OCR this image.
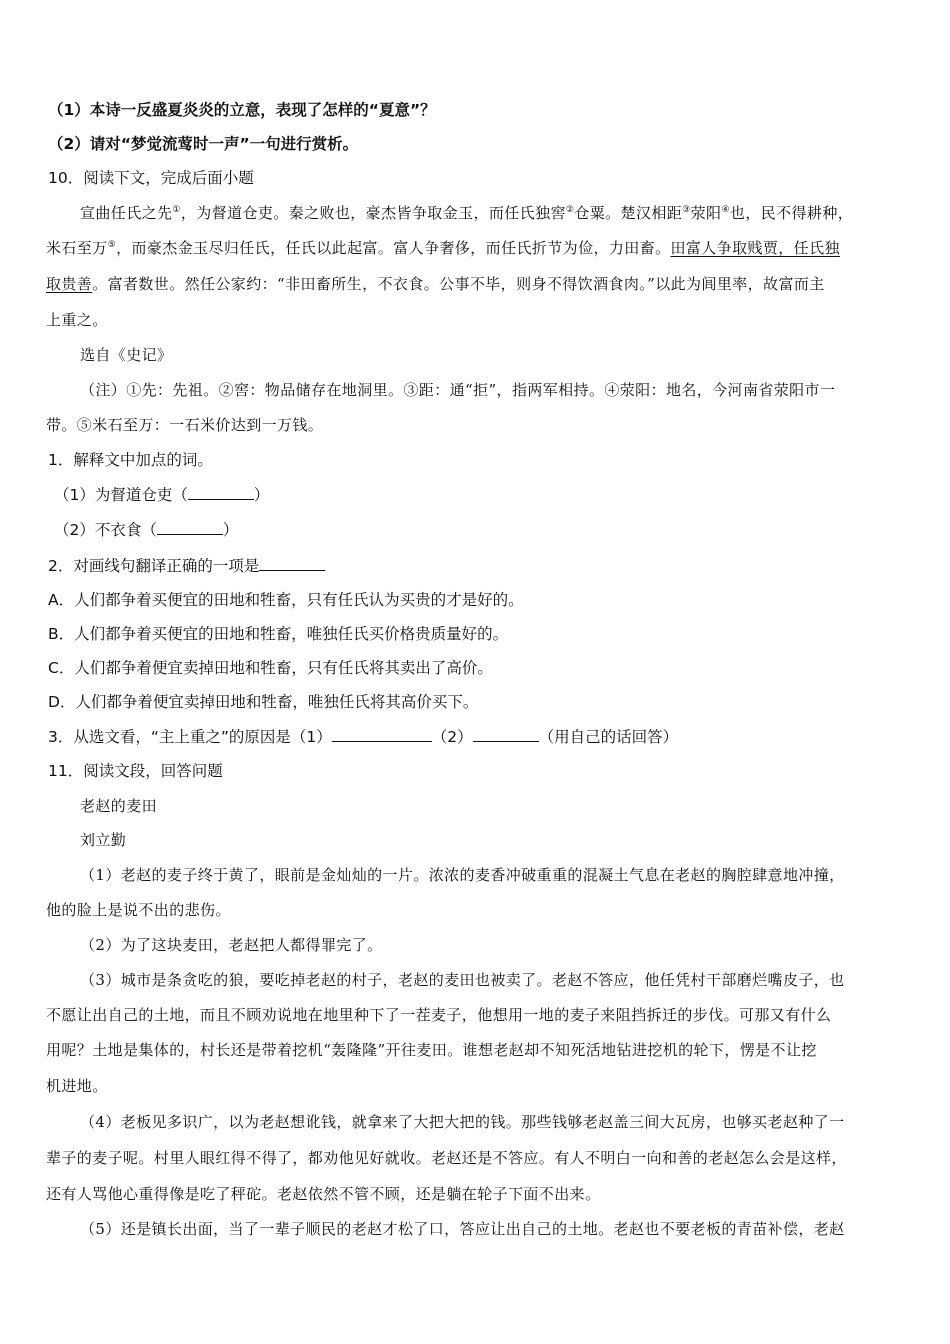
（1）本诗一反盛夏炎炎的立意，表现了怎样的“夏意”？
（2）请对“梦觉流莺时一声”一句进行赏析。
10．阅读下文，完成后面小题
宣曲任氏之先①，为督道仓吏。秦之败也，豪杰皆争取金玉，而任氏独窖②仓粟。楚汉相距③荥阳④也，民不得耕种，
米石至万⑤，而豪杰金玉尽归任氏，任氏以此起富。富人争奢侈，而任氏折节为俭，力田畜。田富人争取贱贾，任氏独
取贵善。富者数世。然任公家约：“非田畜所生，不衣食。公事不毕，则身不得饮酒食肉。”以此为闾里率，故富而主
上重之。
选自《史记》
（注）①先：先祖。②窖：物品储存在地洞里。③距：通“拒”，指两军相持。④荥阳：地名，今河南省荥阳市一
带。⑤米石至万：一石米价达到一万钱。
1．解释文中加点的词。
（1）为督道仓吏（	）
（2）不衣食（	）
2．对画线句翻译正确的一项是
A．人们都争着买便宜的田地和牲畜，只有任氏认为买贵的才是好的。
B．人们都争着买便宜的田地和牲畜，唯独任氏买价格贵质量好的。
C．人们都争着便宜卖掉田地和牲畜，只有任氏将其卖出了高价。
D．人们都争着便宜卖掉田地和牲畜，唯独任氏将其高价买下。
3．从选文看，“主上重之”的原因是（1）	（2）	（用自己的话回答）
11．阅读文段，回答问题
老赵的麦田
刘立勤
（1）老赵的麦子终于黄了，眼前是金灿灿的一片。浓浓的麦香冲破重重的混凝土气息在老赵的胸腔肆意地冲撞，
他的脸上是说不出的悲伤。
（2）为了这块麦田，老赵把人都得罪完了。
（3）城市是条贪吃的狼，要吃掉老赵的村子，老赵的麦田也被卖了。老赵不答应，他任凭村干部磨烂嘴皮子，也
不愿让出自己的土地，而且不顾劝说地在地里种下了一茬麦子，他想用一地的麦子来阻挡拆迁的步伐。可那又有什么
用呢？土地是集体的，村长还是带着挖机“轰隆隆”开往麦田。谁想老赵却不知死活地钻进挖机的轮下，愣是不让挖
机进地。
（4）老板见多识广，以为老赵想讹钱，就拿来了大把大把的钱。那些钱够老赵盖三间大瓦房，也够买老赵种了一
辈子的麦子呢。村里人眼红得不得了，都劝他见好就收。老赵还是不答应。有人不明白一向和善的老赵怎么会是这样，
还有人骂他心重得像是吃了秤砣。老赵依然不管不顾，还是躺在轮子下面不出来。
（5）还是镇长出面，当了一辈子顺民的老赵才松了口，答应让出自己的土地。老赵也不要老板的青苗补偿，老赵
